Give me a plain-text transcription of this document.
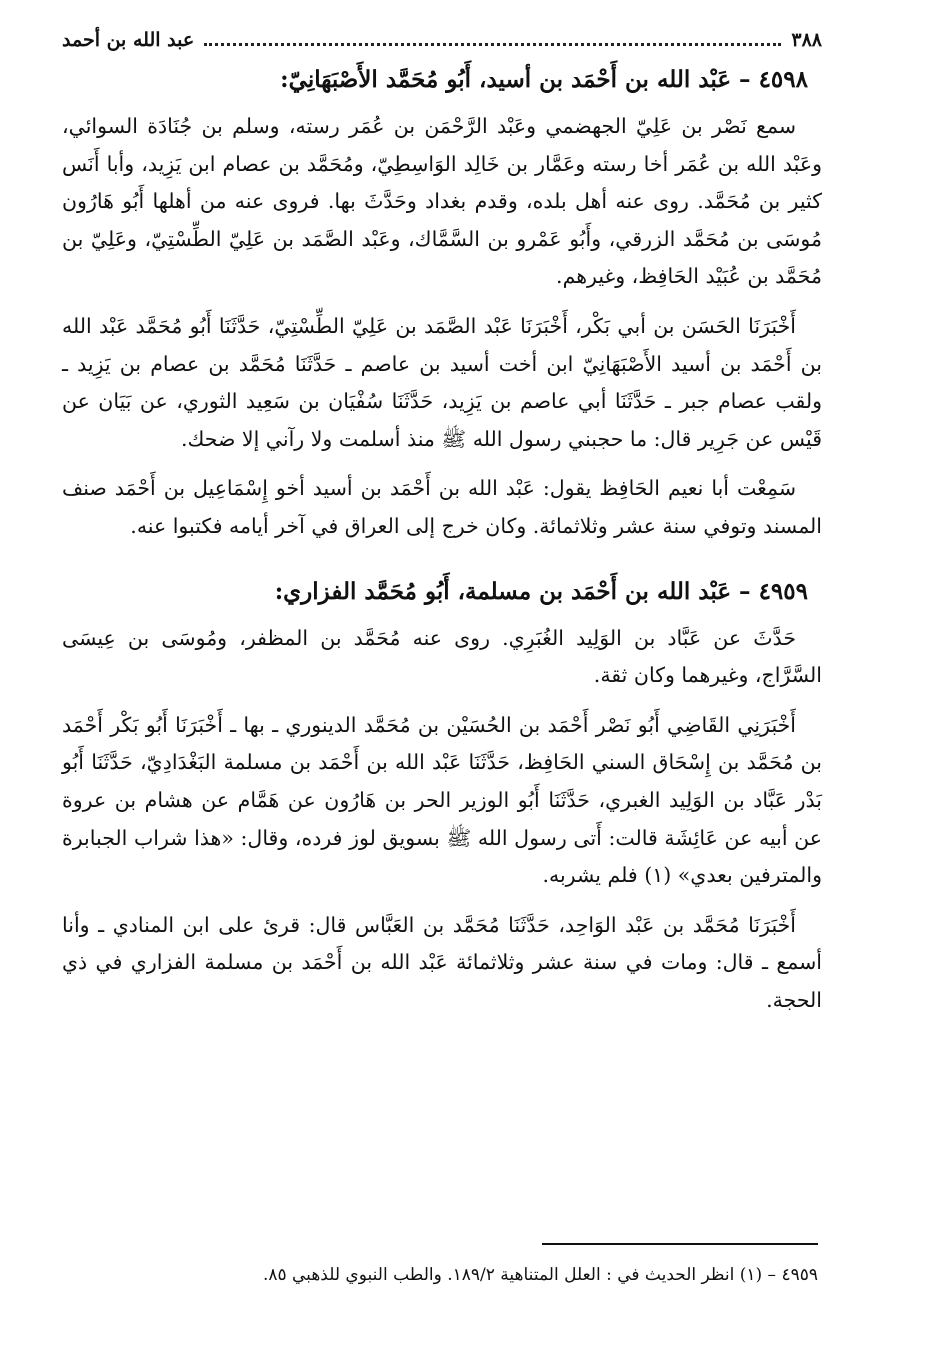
٣٨٨
عبد الله بن أحمد
٤٥٩٨ – عَبْد الله بن أَحْمَد بن أسيد، أَبُو مُحَمَّد الأَصْبَهَانِيّ:

سمع نَصْر بن عَلِيّ الجهضمي وعَبْد الرَّحْمَن بن عُمَر رسته، وسلم بن جُنَادَة السوائي، وعَبْد الله بن عُمَر أخا رسته وعَمَّار بن خَالِد الوَاسِطِيّ، ومُحَمَّد بن عصام ابن يَزِيد، وأبا أَنَس كثير بن مُحَمَّد. روى عنه أهل بلده، وقدم بغداد وحَدَّثَ بها. فروى عنه من أهلها أَبُو هَارُون مُوسَى بن مُحَمَّد الزرقي، وأَبُو عَمْرو بن السَّمَّاك، وعَبْد الصَّمَد بن عَلِيّ الطِّسْتِيّ، وعَلِيّ بن مُحَمَّد بن عُبَيْد الحَافِظ، وغيرهم.

أَخْبَرَنَا الحَسَن بن أبي بَكْر، أَخْبَرَنَا عَبْد الصَّمَد بن عَلِيّ الطِّسْتِيّ، حَدَّثَنَا أَبُو مُحَمَّد عَبْد الله بن أَحْمَد بن أسيد الأَصْبَهَانِيّ ابن أخت أسيد بن عاصم ـ حَدَّثَنَا مُحَمَّد بن عصام بن يَزِيد ـ ولقب عصام جبر ـ حَدَّثَنَا أبي عاصم بن يَزِيد، حَدَّثَنَا سُفْيَان بن سَعِيد الثوري، عن بَيَان عن قَيْس عن جَرِير قال: ما حجبني رسول الله ﷺ منذ أسلمت ولا رآني إلا ضحك.

سَمِعْت أبا نعيم الحَافِظ يقول: عَبْد الله بن أَحْمَد بن أسيد أخو إِسْمَاعِيل بن أَحْمَد صنف المسند وتوفي سنة عشر وثلاثمائة. وكان خرج إلى العراق في آخر أيامه فكتبوا عنه.

٤٩٥٩ – عَبْد الله بن أَحْمَد بن مسلمة، أَبُو مُحَمَّد الفزاري:

حَدَّثَ عن عَبَّاد بن الوَلِيد الغُبَرِي. روى عنه مُحَمَّد بن المظفر، ومُوسَى بن عِيسَى السَّرَّاج، وغيرهما وكان ثقة.

أَخْبَرَنِي القَاضِي أَبُو نَصْر أَحْمَد بن الحُسَيْن بن مُحَمَّد الدينوري ـ بها ـ أَخْبَرَنَا أَبُو بَكْر أَحْمَد بن مُحَمَّد بن إِسْحَاق السني الحَافِظ، حَدَّثَنَا عَبْد الله بن أَحْمَد بن مسلمة البَغْدَادِيّ، حَدَّثَنَا أَبُو بَدْر عَبَّاد بن الوَلِيد الغبري، حَدَّثَنَا أَبُو الوزير الحر بن هَارُون عن هَمَّام عن هشام بن عروة عن أبيه عن عَائِشَة قالت: أَتى رسول الله ﷺ بسويق لوز فرده، وقال: «هذا شراب الجبابرة والمترفين بعدي» (١) فلم يشربه.

أَخْبَرَنَا مُحَمَّد بن عَبْد الوَاحِد، حَدَّثَنَا مُحَمَّد بن العَبَّاس قال: قرئ على ابن المنادي ـ وأنا أسمع ـ قال: ومات في سنة عشر وثلاثمائة عَبْد الله بن أَحْمَد بن مسلمة الفزاري في ذي الحجة.

٤٩٥٩ – (١) انظر الحديث في : العلل المتناهية ١٨٩/٢. والطب النبوي للذهبي ٨٥.
